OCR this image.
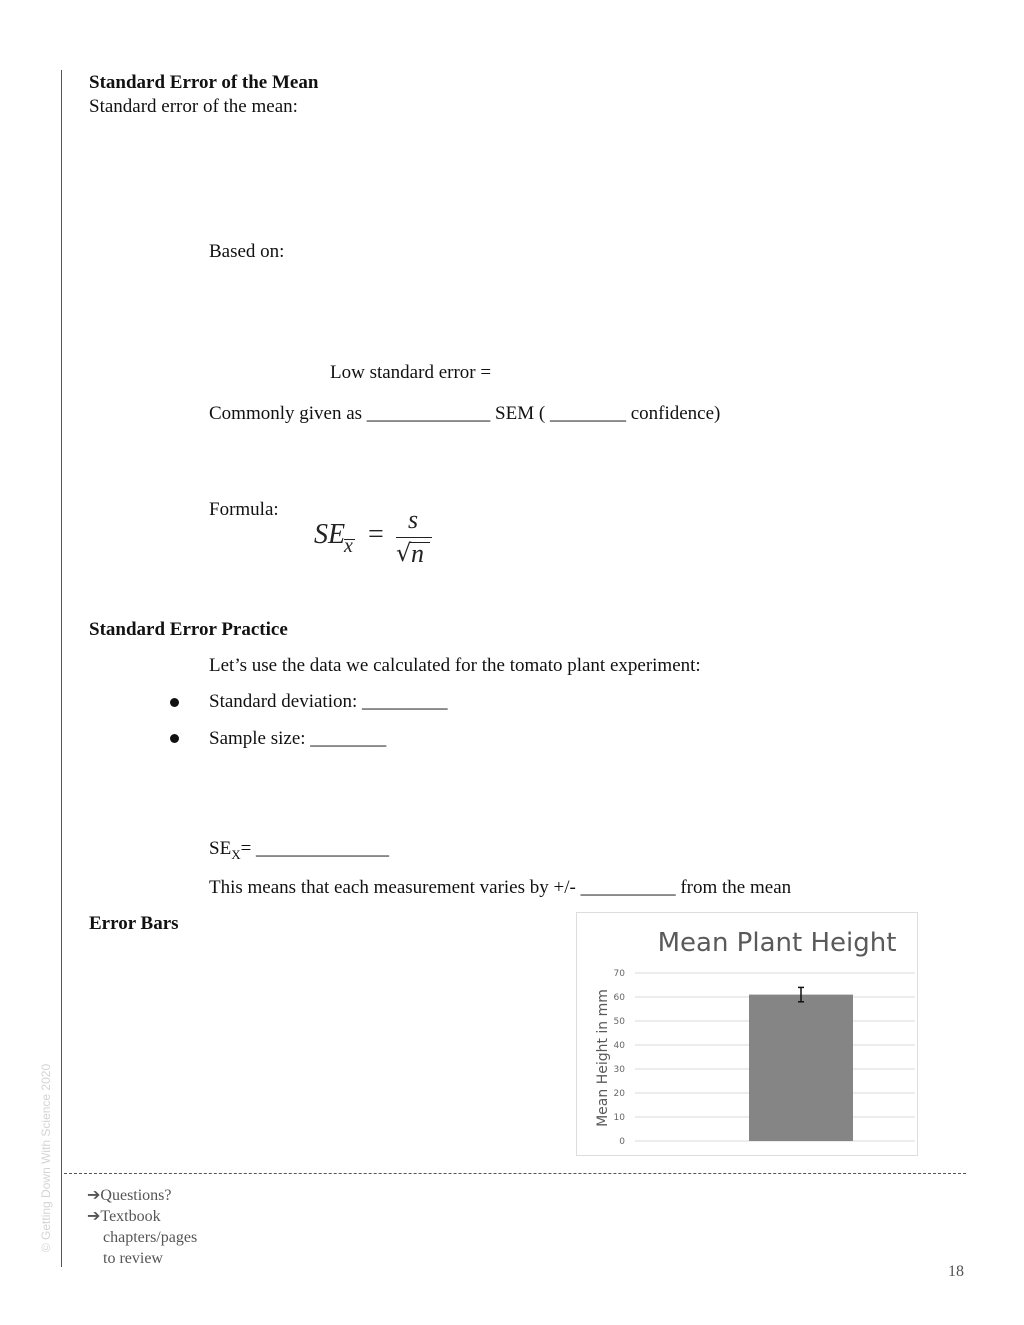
© Getting Down With Science 2020
Standard Error of the Mean
Standard error of the mean:
Based on:
Low standard error =
Commonly given as _____________ SEM ( ________ confidence)
Formula:
SE
x = s
√ n
Standard Error Practice
Let’s use the data we calculated for the tomato plant experiment:
Standard deviation: _________
Sample size: ________
$SE_X=$ ______________
This means that each measurement varies by +/- __________ from the mean
Error Bars
Mean Plant Height
Mean Height in mm
0
10
20
30
40
50
60
70
➔Questions?
➔Textbook
chapters/pages
to review
18
